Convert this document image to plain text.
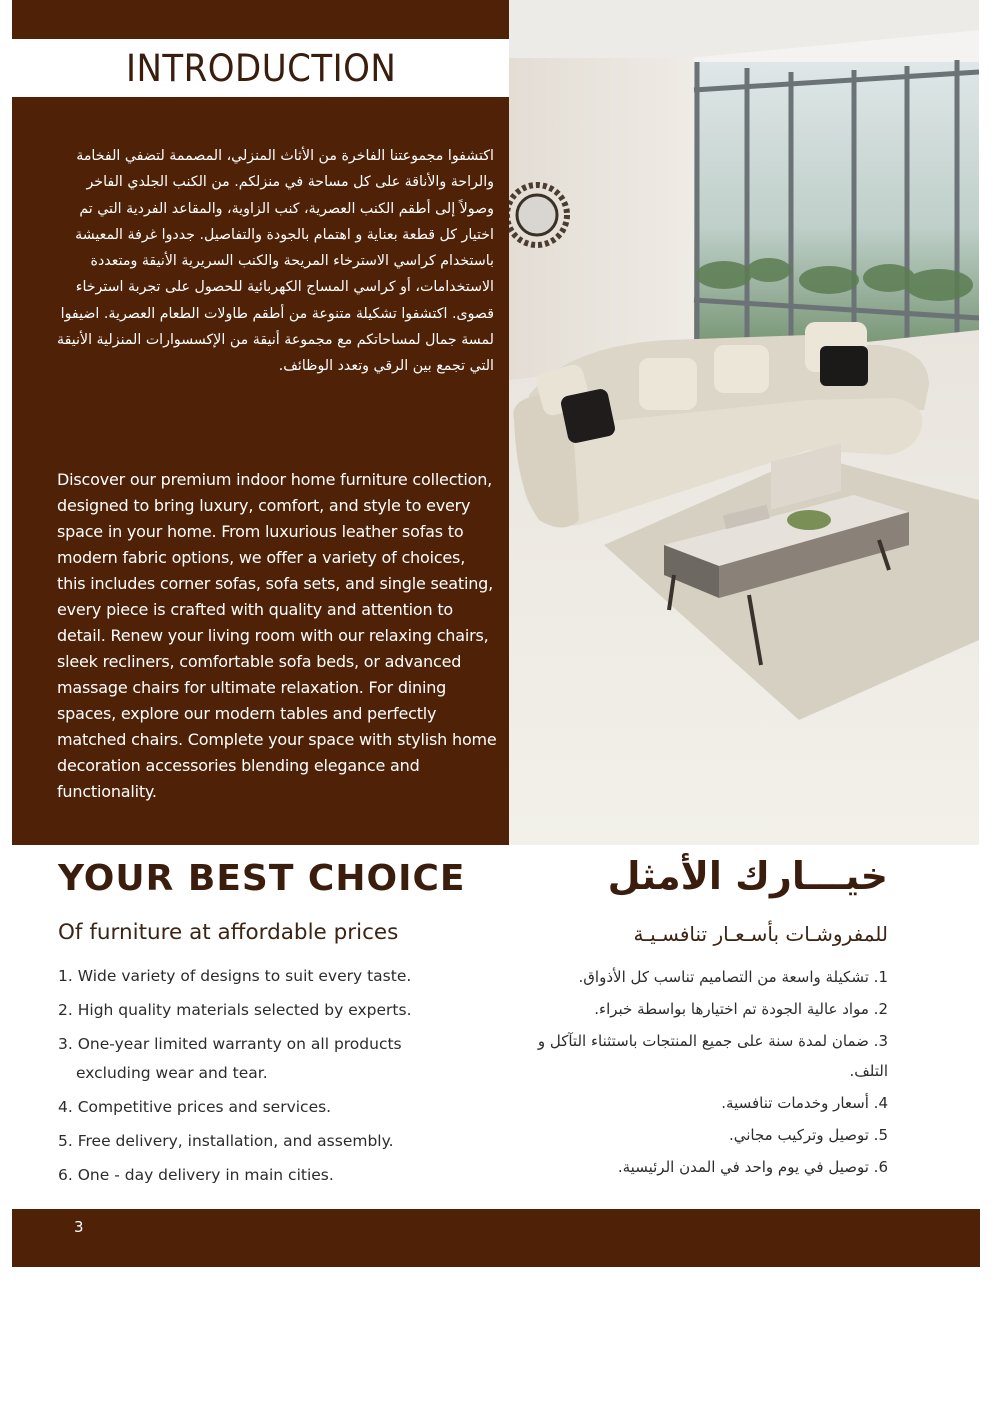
INTRODUCTION
اكتشفوا مجموعتنا الفاخرة من الأثاث المنزلي، المصممة لتضفي الفخامة والراحة والأناقة على كل مساحة في منزلكم. من الكنب الجلدي الفاخر وصولاً إلى أطقم الكنب العصرية، كنب الزاوية، والمقاعد الفردية التي تم اختيار كل قطعة بعناية و اهتمام بالجودة والتفاصيل. جددوا غرفة المعيشة باستخدام كراسي الاسترخاء المريحة والكنب السريرية الأنيقة ومتعددة الاستخدامات، أو كراسي المساج الكهربائية للحصول على تجربة استرخاء قصوى. اكتشفوا تشكيلة متنوعة من أطقم طاولات الطعام العصرية. اضيفوا لمسة جمال لمساحاتكم مع مجموعة أنيقة من الإكسسوارات المنزلية الأنيقة التي تجمع بين الرقي وتعدد الوظائف.
Discover our premium indoor home furniture collection, designed to bring luxury, comfort, and style to every space in your home. From luxurious leather sofas to modern fabric options, we offer a variety of choices, this includes corner sofas, sofa sets, and single seating, every piece is crafted with quality and attention to detail. Renew your living room with our relaxing chairs, sleek recliners, comfortable sofa beds, or advanced massage chairs for ultimate relaxation. For dining spaces, explore our modern tables and perfectly matched chairs. Complete your space with stylish home decoration accessories blending elegance and functionality.
YOUR BEST CHOICE
Of furniture at affordable prices
خيـــارك الأمثل
للمفروشـات بأسـعـار تنافسـيـة
1. Wide variety of designs to suit every taste.
2. High quality materials selected by experts.
3. One-year limited warranty on all products excluding wear and tear.
4. Competitive prices and services.
5. Free delivery, installation, and assembly.
6. One - day delivery in main cities.
1. تشكيلة واسعة من التصاميم تناسب كل الأذواق.
2. مواد عالية الجودة تم اختيارها بواسطة خبراء.
3. ضمان لمدة سنة على جميع المنتجات باستثناء التآكل و التلف.
4. أسعار وخدمات تنافسية.
5. توصيل وتركيب مجاني.
6. توصيل في يوم واحد في المدن الرئيسية.
3
